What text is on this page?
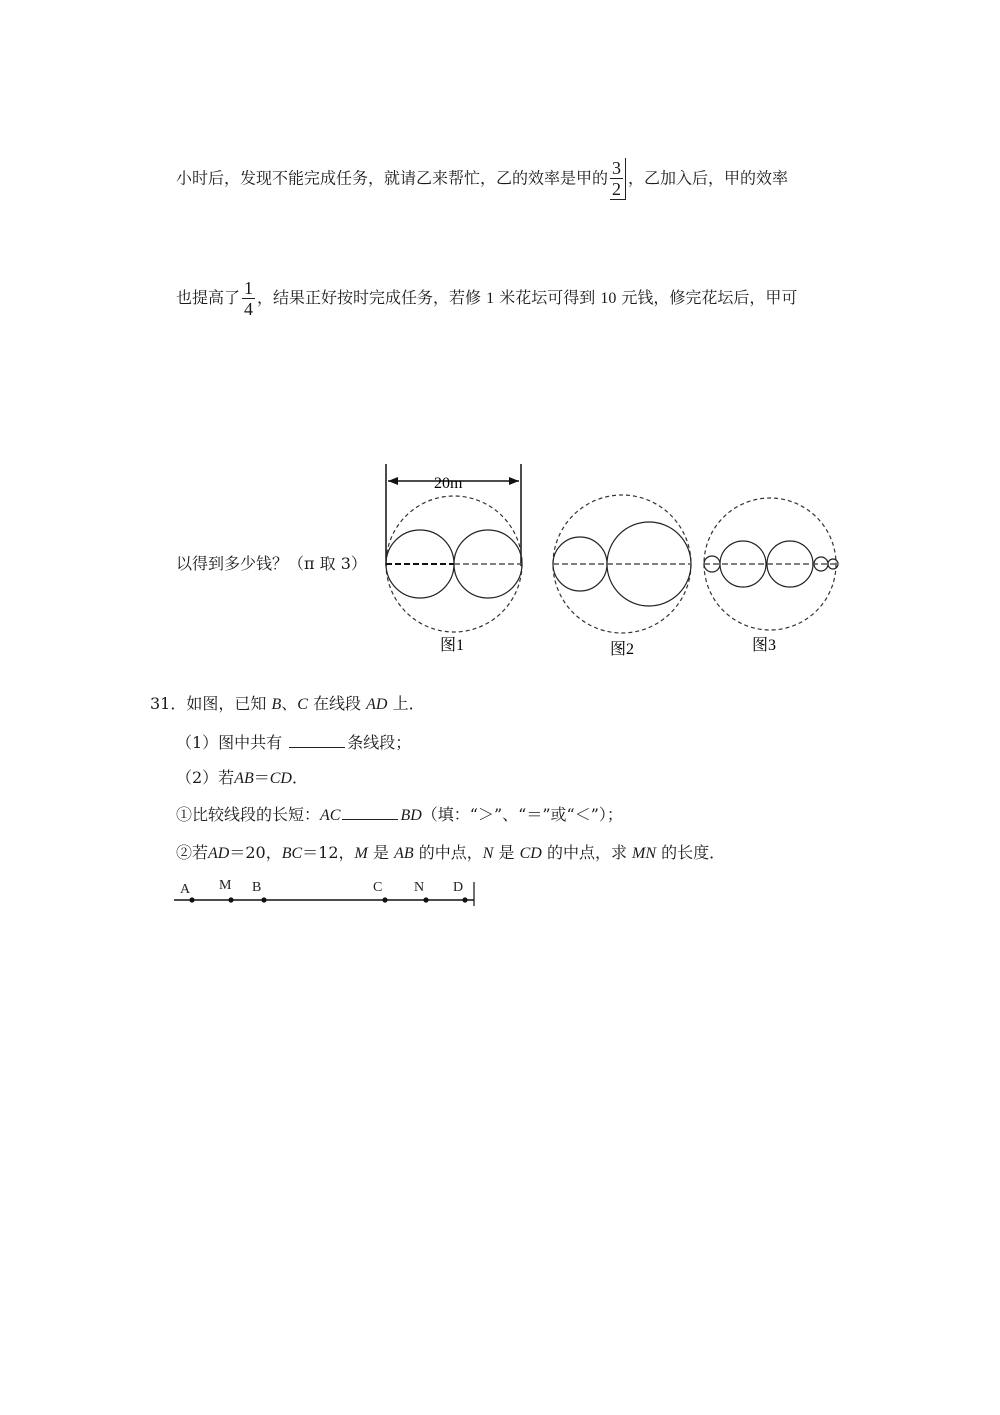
小时后，发现不能完成任务，就请乙来帮忙，乙的效率是甲的 $\frac{3}{2}$ ，乙加入后，甲的效率
也提高了 $\frac{1}{4}$ ，结果正好按时完成任务，若修 1 米花坛可得到 10 元钱，修完花坛后，甲可
以得到多少钱？（π 取 3）
20m
图1	图2	图3
31．如图，已知 B、C 在线段 AD 上．
（1）图中共有	条线段；
（2）若AB＝CD．
①比较线段的长短：AC	BD（填：“＞”、“＝”或“＜”）；
②若AD＝20，BC＝12，M 是 AB 的中点，N 是 CD 的中点，求 MN 的长度．
A M B	C N D
